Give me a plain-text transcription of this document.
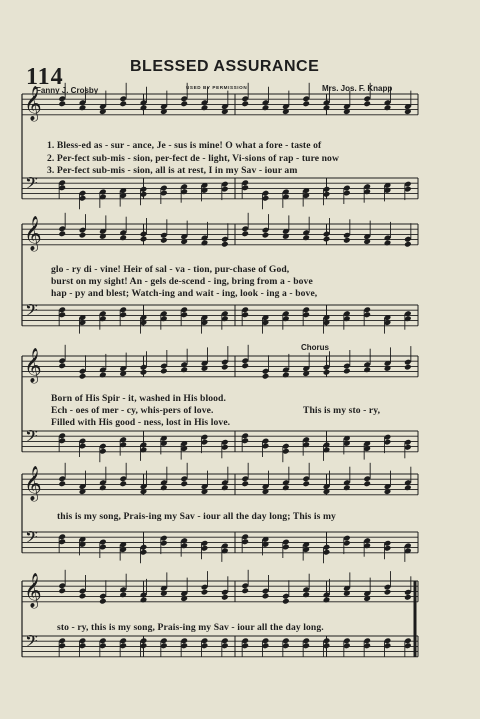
114	BLESSED ASSURANCE
Fanny J. Crosby	USED BY PERMISSION	Mrs. Jos. F. Knapp
𝄞
𝄢
𝄞
𝄢
𝄞
𝄢
𝄞
𝄢
𝄞
𝄢
1. Bless-ed as - sur - ance, Je - sus is mine! O what a fore - taste of
2. Per-fect sub-mis - sion, per-fect de - light, Vi-sions of rap - ture now
3. Per-fect sub-mis - sion, all is at rest, I in my Sav - iour am
glo - ry di - vine! Heir of sal - va - tion, pur-chase of God,
burst on my sight! An - gels de-scend - ing, bring from a - bove
hap - py and blest; Watch-ing and wait - ing, look - ing a - bove,
Chorus
Born of His Spir - it, washed in His blood.
Ech - oes of mer - cy, whis-pers of love.
Filled with His good - ness, lost in His love.
This is my sto - ry,
this is my song, Prais-ing my Sav - iour all the day long; This is my
sto - ry, this is my song, Prais-ing my Sav - iour all the day long.
